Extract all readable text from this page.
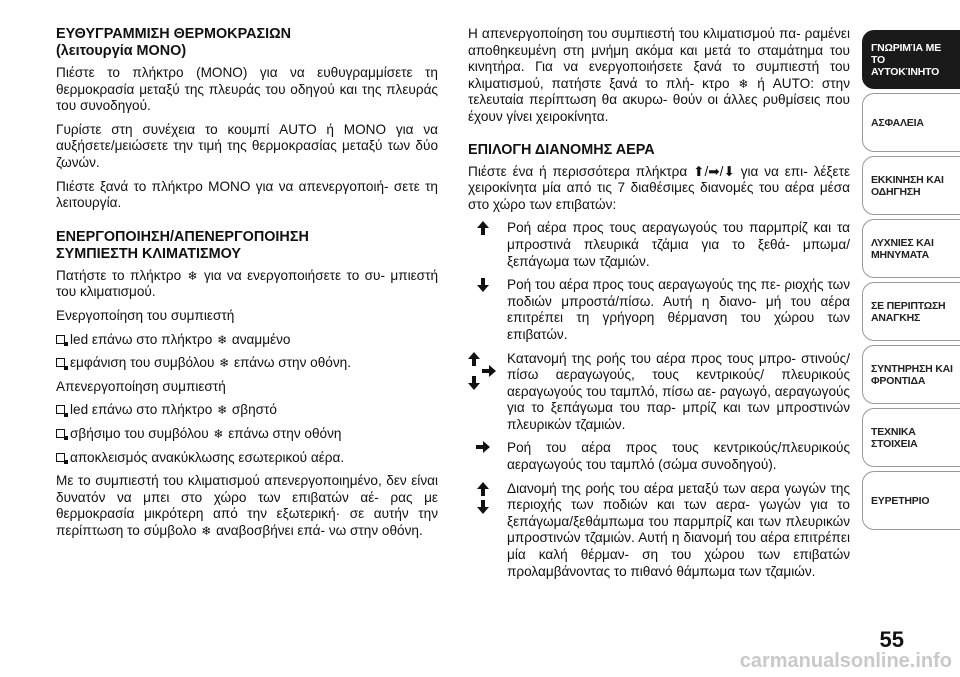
ΕΥΘΥΓΡΑΜΜΙΣΗ ΘΕΡΜΟΚΡΑΣΙΩΝ
(λειτουργία MONO)

Πιέστε το πλήκτρο (MONO) για να ευθυγραμμίσετε τη θερμοκρασία μεταξύ της πλευράς του οδηγού και της πλευράς του συνοδηγού.

Γυρίστε στη συνέχεια το κουμπί AUTO ή MONO για να αυξήσετε/μειώσετε την τιμή της θερμοκρασίας μεταξύ των δύο ζωνών.

Πιέστε ξανά το πλήκτρο MONO για να απενεργοποιή- σετε τη λειτουργία.

ΕΝΕΡΓΟΠΟΙΗΣΗ/ΑΠΕΝΕΡΓΟΠΟΙΗΣΗ
ΣΥΜΠΙΕΣΤΗ ΚΛΙΜΑΤΙΣΜΟΥ

Πατήστε το πλήκτρο ❄ για να ενεργοποιήσετε το συ- μπιεστή του κλιματισμού.

Ενεργοποίηση του συμπιεστή

led επάνω στο πλήκτρο ❄ αναμμένο
εμφάνιση του συμβόλου ❄ επάνω στην οθόνη.

Απενεργοποίηση συμπιεστή

led επάνω στο πλήκτρο ❄ σβηστό
σβήσιμο του συμβόλου ❄ επάνω στην οθόνη
αποκλεισμός ανακύκλωσης εσωτερικού αέρα.

Με το συμπιεστή του κλιματισμού απενεργοποιημένο, δεν είναι δυνατόν να μπει στο χώρο των επιβατών αέ- ρας με θερμοκρασία μικρότερη από την εξωτερική· σε αυτήν την περίπτωση το σύμβολο ❄ αναβοσβήνει επά- νω στην οθόνη.

Η απενεργοποίηση του συμπιεστή του κλιματισμού πα- ραμένει αποθηκευμένη στη μνήμη ακόμα και μετά το σταμάτημα του κινητήρα. Για να ενεργοποιήσετε ξανά το συμπιεστή του κλιματισμού, πατήστε ξανά το πλή- κτρο ❄ ή AUTO: στην τελευταία περίπτωση θα ακυρω- θούν οι άλλες ρυθμίσεις που έχουν γίνει χειροκίνητα.

ΕΠΙΛΟΓΗ ΔΙΑΝΟΜΗΣ ΑΕΡΑ

Πιέστε ένα ή περισσότερα πλήκτρα ⬆/➡/⬇ για να επι- λέξετε χειροκίνητα μία από τις 7 διαθέσιμες διανομές του αέρα μέσα στο χώρο των επιβατών:

Ροή αέρα προς τους αεραγωγούς του παρμπρίζ και τα μπροστινά πλευρικά τζάμια για το ξεθά- μπωμα/ξεπάγωμα των τζαμιών.
Ροή του αέρα προς τους αεραγωγούς της πε- ριοχής των ποδιών μπροστά/πίσω. Αυτή η διανο- μή του αέρα επιτρέπει τη γρήγορη θέρμανση του χώρου των επιβατών.
Κατανομή της ροής του αέρα προς τους μπρο- στινούς/πίσω αεραγωγούς, τους κεντρικούς/ πλευρικούς αεραγωγούς του ταμπλό, πίσω αε- ραγωγό, αεραγωγούς για το ξεπάγωμα του παρ- μπρίζ και των μπροστινών πλευρικών τζαμιών.
Ροή του αέρα προς τους κεντρικούς/πλευρικούς αεραγωγούς του ταμπλό (σώμα συνοδηγού).
Διανομή της ροής του αέρα μεταξύ των αερα γωγών της περιοχής των ποδιών και των αερα- γωγών για το ξεπάγωμα/ξεθάμπωμα του παρμπρίζ και των πλευρικών μπροστινών τζαμιών. Αυτή η διανομή του αέρα επιτρέπει μία καλή θέρμαν- ση του χώρου των επιβατών προλαμβάνοντας το πιθανό θάμπωμα των τζαμιών.
ΓΝΩΡΙΜΊΑ ΜΕ ΤΟ ΑΥΤΟΚΊΝΗΤΟ
ΑΣΦΑΛΕΙΑ
ΕΚΚΙΝΗΣΗ ΚΑΙ ΟΔΗΓΗΣΗ
ΛΥΧΝΙΕΣ ΚΑΙ ΜΗΝΥΜΑΤΑ
ΣΕ ΠΕΡΙΠΤΩΣΗ ΑΝΑΓΚΗΣ
ΣΥΝΤΗΡΗΣΗ ΚΑΙ ΦΡΟΝΤΙΔΑ
ΤΕΧΝΙΚΑ ΣΤΟΙΧΕΙΑ
ΕΥΡΕΤΗΡΙΟ
55
carmanualsonline.info
